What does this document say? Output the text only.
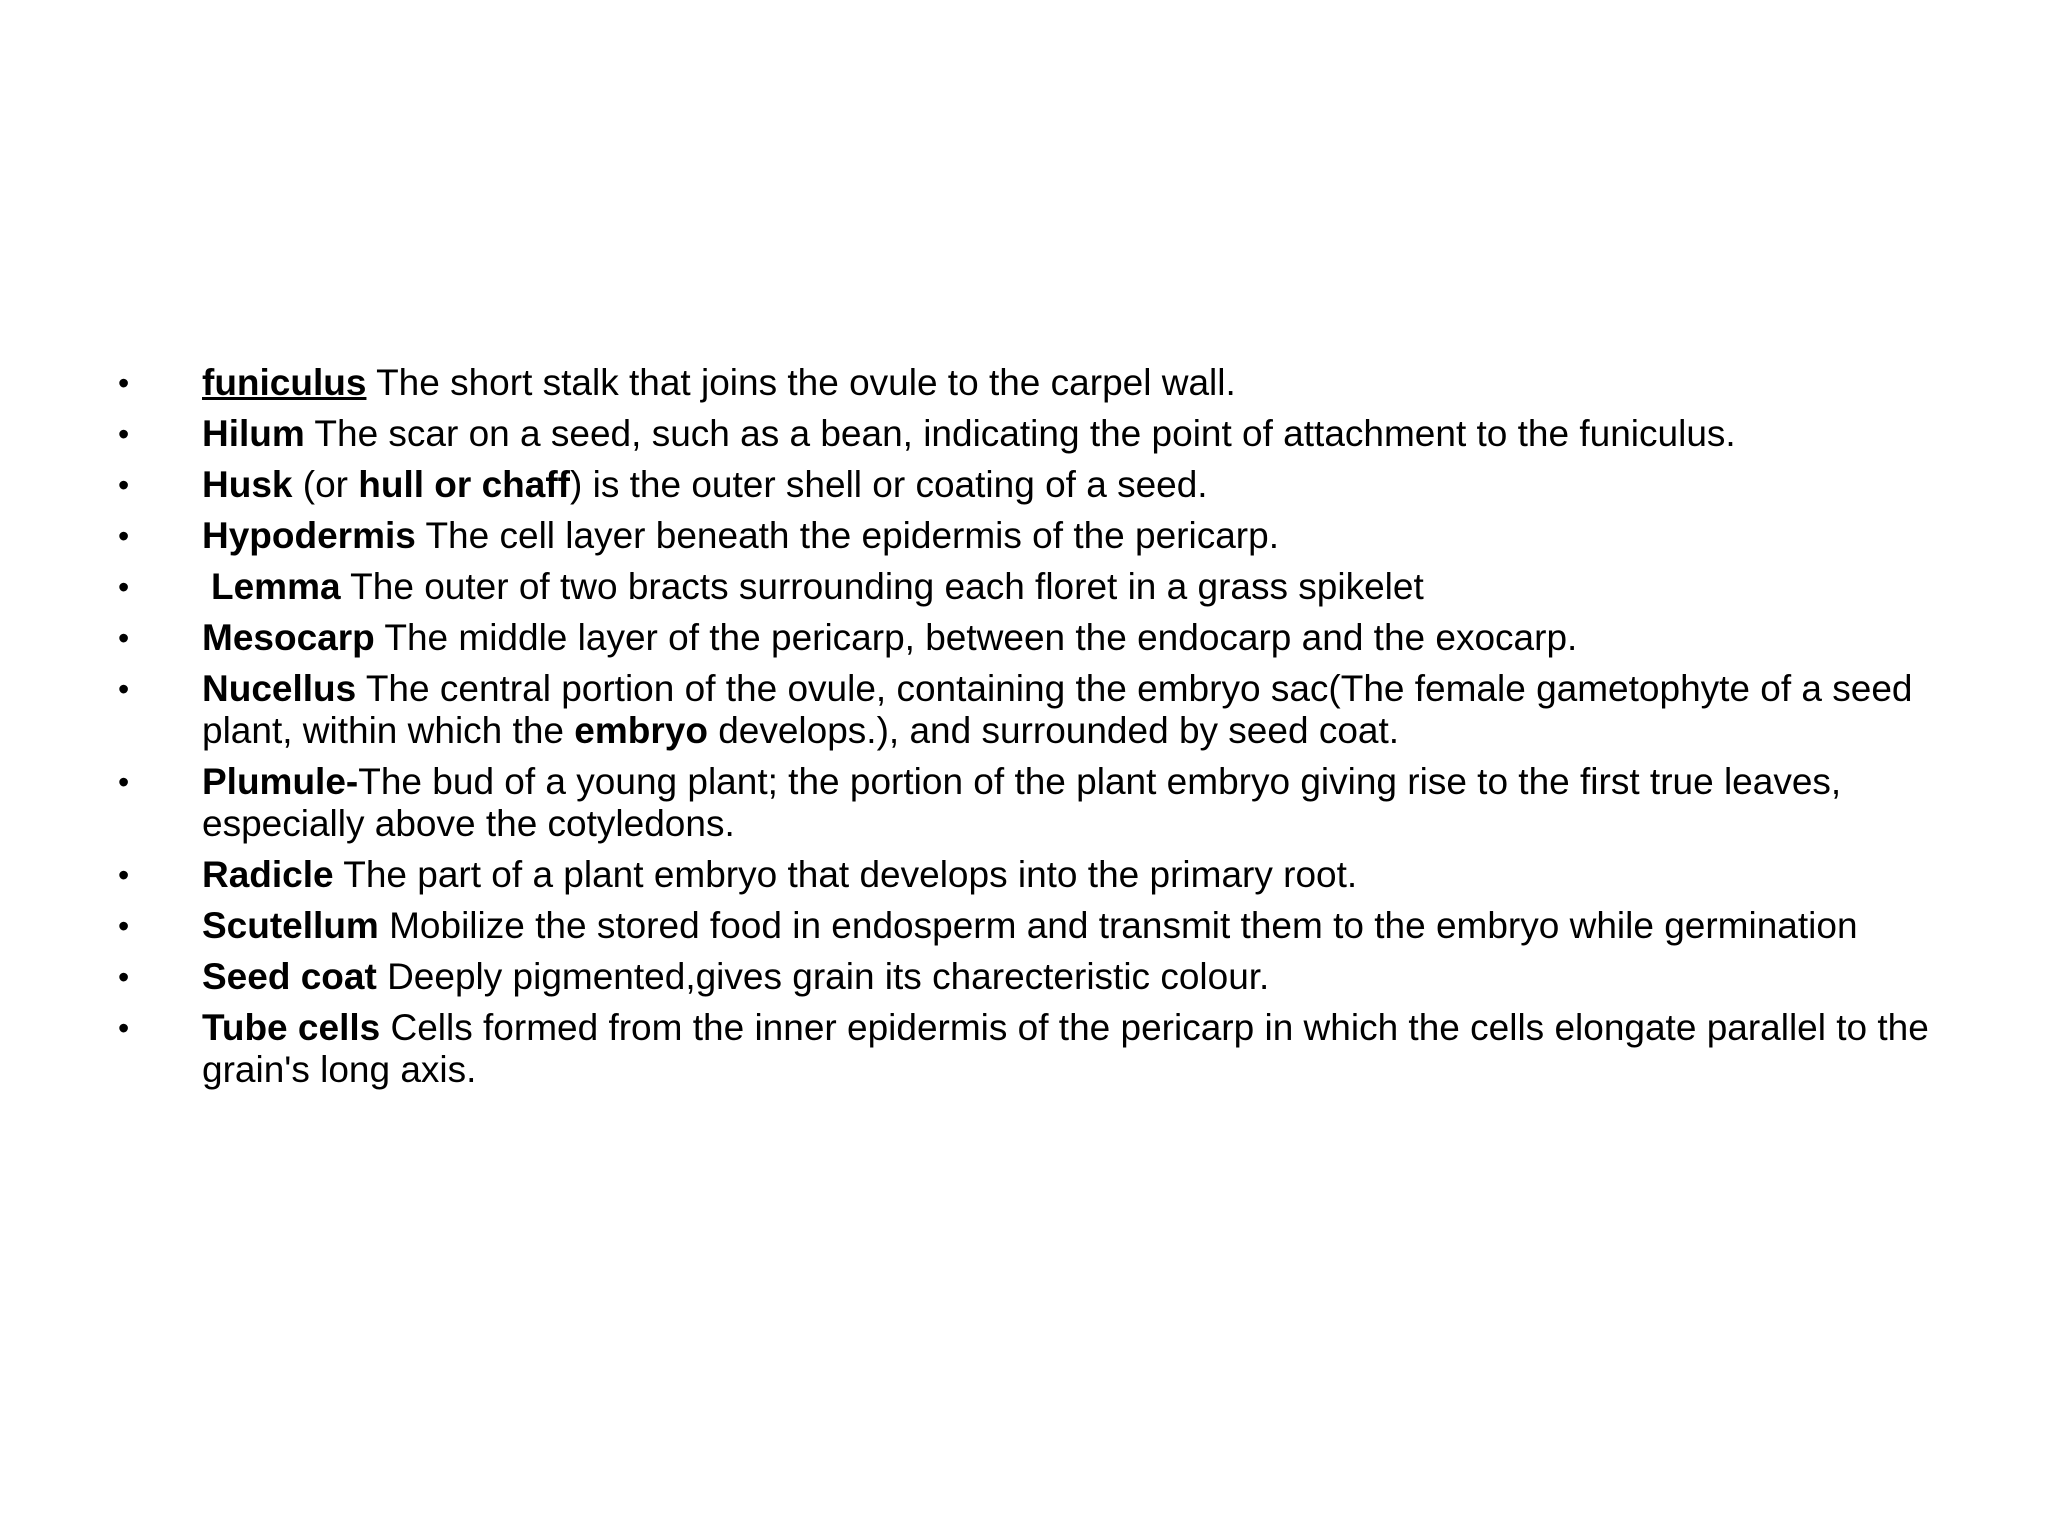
•	funiculus The short stalk that joins the ovule to the carpel wall.
•	Hilum The scar on a seed, such as a bean, indicating the point of attachment to the funiculus.
•	Husk (or hull or chaff) is the outer shell or coating of a seed.
•	Hypodermis The cell layer beneath the epidermis of the pericarp.
•	Lemma The outer of two bracts surrounding each floret in a grass spikelet
•	Mesocarp The middle layer of the pericarp, between the endocarp and the exocarp.
•	Nucellus The central portion of the ovule, containing the embryo sac(The female gametophyte of a seed plant, within which the embryo develops.), and surrounded by seed coat.
•	Plumule-The bud of a young plant; the portion of the plant embryo giving rise to the first true leaves, especially above the cotyledons.
•	Radicle The part of a plant embryo that develops into the primary root.
•	Scutellum Mobilize the stored food in endosperm and transmit them to the embryo while germination
•	Seed coat Deeply pigmented,gives grain its charecteristic colour.
•	Tube cells Cells formed from the inner epidermis of the pericarp in which the cells elongate parallel to the grain's long axis.
